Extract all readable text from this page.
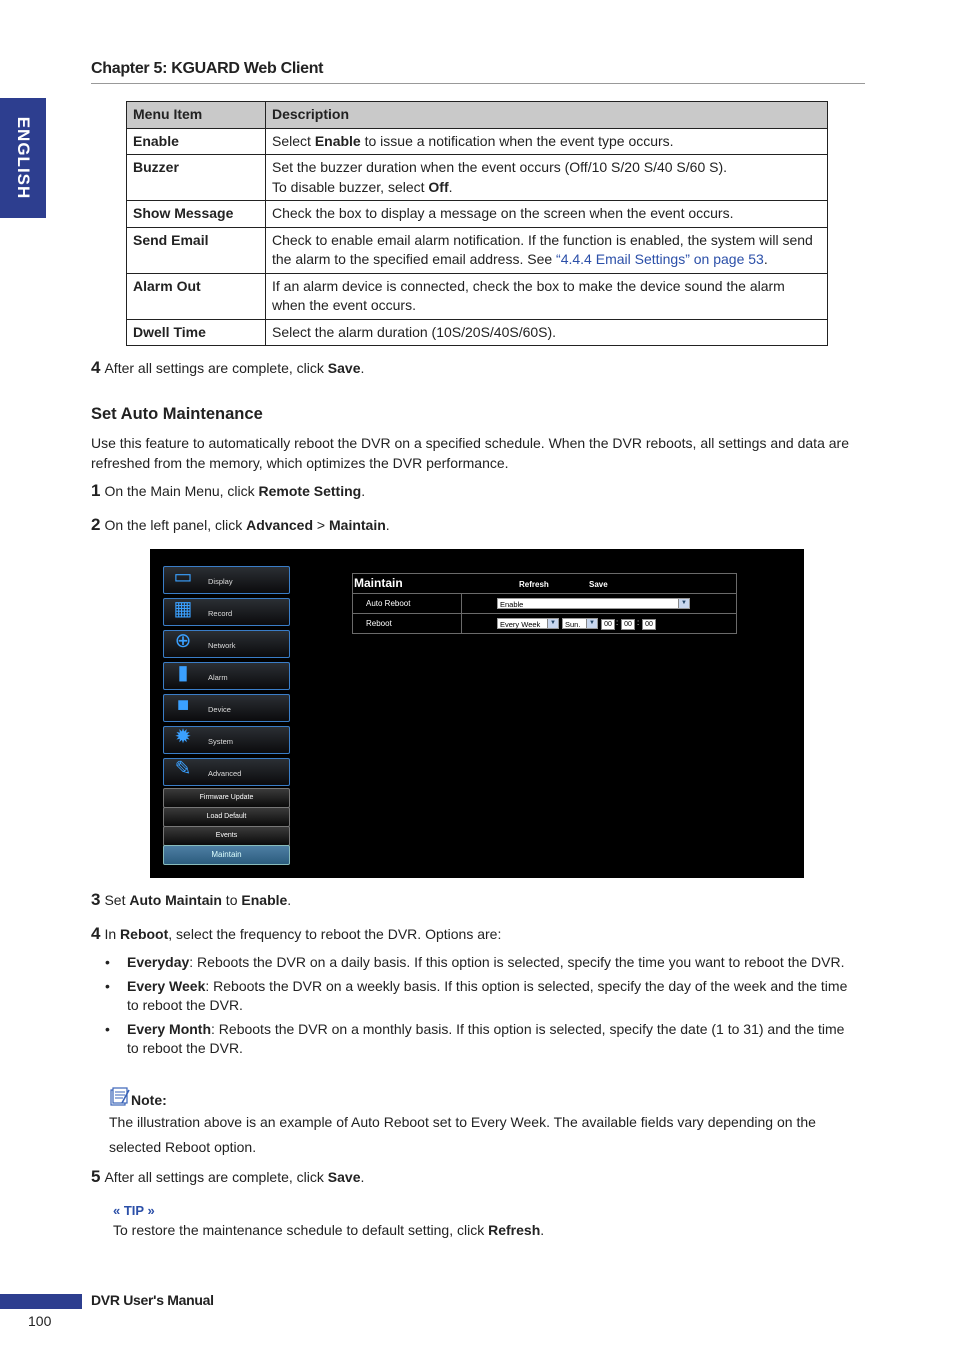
Chapter 5: KGUARD Web Client
ENGLISH
Menu Item	Description
Enable	Select Enable to issue a notification when the event type occurs.
Buzzer	Set the buzzer duration when the event occurs (Off/10 S/20 S/40 S/60 S).
To disable buzzer, select Off.
Show Message	Check the box to display a message on the screen when the event occurs.
Send Email	Check to enable email alarm notification. If the function is enabled, the system will send the alarm to the specified email address. See “4.4.4 Email Settings” on page 53.
Alarm Out	If an alarm device is connected, check the box to make the device sound the alarm when the event occurs.
Dwell Time	Select the alarm duration (10S/20S/40S/60S).
4 After all settings are complete, click Save.
Set Auto Maintenance
Use this feature to automatically reboot the DVR on a specified schedule. When the DVR reboots, all settings and data are refreshed from the memory, which optimizes the DVR performance.
1 On the Main Menu, click Remote Setting.
2 On the left panel, click Advanced > Maintain.
▭	Display
▦	Record
⊕	Network
▮	Alarm
■	Device
✹	System
✎	Advanced
Firmware Update
Load Default
Events
Maintain
Maintain	Refresh	Save
Auto Reboot	Enable	▼
Reboot	Every Week	▼	Sun.	▼	00 : 00 : 00
3 Set Auto Maintain to Enable.
4 In Reboot, select the frequency to reboot the DVR. Options are:
• Everyday: Reboots the DVR on a daily basis. If this option is selected, specify the time you want to reboot the DVR.
• Every Week: Reboots the DVR on a weekly basis. If this option is selected, specify the day of the week and the time to reboot the DVR.
• Every Month: Reboots the DVR on a monthly basis. If this option is selected, specify the date (1 to 31) and the time to reboot the DVR.
Note:
The illustration above is an example of Auto Reboot set to Every Week. The available fields vary depending on the selected Reboot option.
5 After all settings are complete, click Save.
« TIP »
To restore the maintenance schedule to default setting, click Refresh.
DVR User's Manual
100
